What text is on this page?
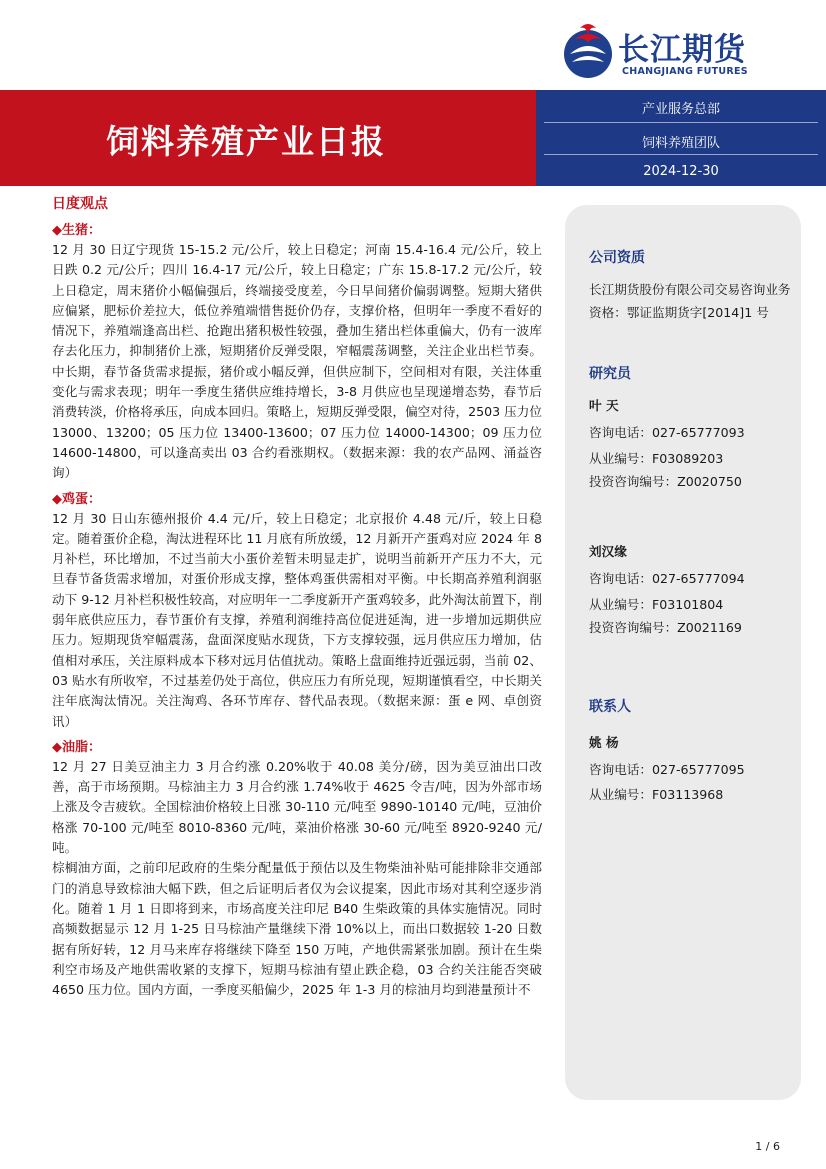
长江期货
CHANGJIANG FUTURES
饲料养殖产业日报
产业服务总部
饲料养殖团队
2024-12-30
日度观点
◆生猪：

12 月 30 日辽宁现货 15-15.2 元/公斤，较上日稳定；河南 15.4-16.4 元/公斤，较上日跌 0.2 元/公斤；四川 16.4-17 元/公斤，较上日稳定；广东 15.8-17.2 元/公斤，较上日稳定，周末猪价小幅偏强后，终端接受度差，今日早间猪价偏弱调整。短期大猪供应偏紧，肥标价差拉大，低位养殖端惜售挺价仍存，支撑价格，但明年一季度不看好的情况下，养殖端逢高出栏、抢跑出猪积极性较强，叠加生猪出栏体重偏大，仍有一波库存去化压力，抑制猪价上涨，短期猪价反弹受限，窄幅震荡调整，关注企业出栏节奏。中长期，春节备货需求提振，猪价或小幅反弹，但供应制下，空间相对有限，关注体重变化与需求表现；明年一季度生猪供应维持增长，3-8 月供应也呈现递增态势，春节后消费转淡，价格将承压，向成本回归。策略上，短期反弹受限，偏空对待，2503 压力位 13000、13200；05 压力位 13400-13600；07 压力位 14000-14300；09 压力位 14600-14800，可以逢高卖出 03 合约看涨期权。（数据来源：我的农产品网、涌益咨询）

◆鸡蛋：

12 月 30 日山东德州报价 4.4 元/斤，较上日稳定；北京报价 4.48 元/斤，较上日稳定。随着蛋价企稳，淘汰进程环比 11 月底有所放缓，12 月新开产蛋鸡对应 2024 年 8 月补栏，环比增加，不过当前大小蛋价差暂未明显走扩，说明当前新开产压力不大，元旦春节备货需求增加，对蛋价形成支撑，整体鸡蛋供需相对平衡。中长期高养殖利润驱动下 9-12 月补栏积极性较高，对应明年一二季度新开产蛋鸡较多，此外淘汰前置下，削弱年底供应压力，春节蛋价有支撑，养殖利润维持高位促进延淘，进一步增加远期供应压力。短期现货窄幅震荡，盘面深度贴水现货，下方支撑较强，远月供应压力增加，估值相对承压，关注原料成本下移对远月估值扰动。策略上盘面维持近强远弱，当前 02、03 贴水有所收窄，不过基差仍处于高位，供应压力有所兑现，短期谨慎看空，中长期关注年底淘汰情况。关注淘鸡、各环节库存、替代品表现。（数据来源：蛋 e 网、卓创资讯）

◆油脂：

12 月 27 日美豆油主力 3 月合约涨 0.20%收于 40.08 美分/磅，因为美豆油出口改善，高于市场预期。马棕油主力 3 月合约涨 1.74%收于 4625 令吉/吨，因为外部市场上涨及令吉疲软。全国棕油价格较上日涨 30-110 元/吨至 9890-10140 元/吨，豆油价格涨 70-100 元/吨至 8010-8360 元/吨，菜油价格涨 30-60 元/吨至 8920-9240 元/吨。

棕榈油方面，之前印尼政府的生柴分配量低于预估以及生物柴油补贴可能排除非交通部门的消息导致棕油大幅下跌，但之后证明后者仅为会议提案，因此市场对其利空逐步消化。随着 1 月 1 日即将到来，市场高度关注印尼 B40 生柴政策的具体实施情况。同时高频数据显示 12 月 1-25 日马棕油产量继续下滑 10%以上，而出口数据较 1-20 日数据有所好转，12 月马来库存将继续下降至 150 万吨，产地供需紧张加剧。预计在生柴利空市场及产地供需收紧的支撑下，短期马棕油有望止跌企稳，03 合约关注能否突破 4650 压力位。国内方面，一季度买船偏少，2025 年 1-3 月的棕油月均到港量预计不

公司资质

长江期货股份有限公司交易咨询业务资格：鄂证监期货字[2014]1 号

研究员

叶 天

咨询电话：027-65777093

从业编号：F03089203

投资咨询编号：Z0020750

刘汉缘

咨询电话：027-65777094

从业编号：F03101804

投资咨询编号：Z0021169

联系人

姚 杨

咨询电话：027-65777095

从业编号：F03113968

1 / 6
